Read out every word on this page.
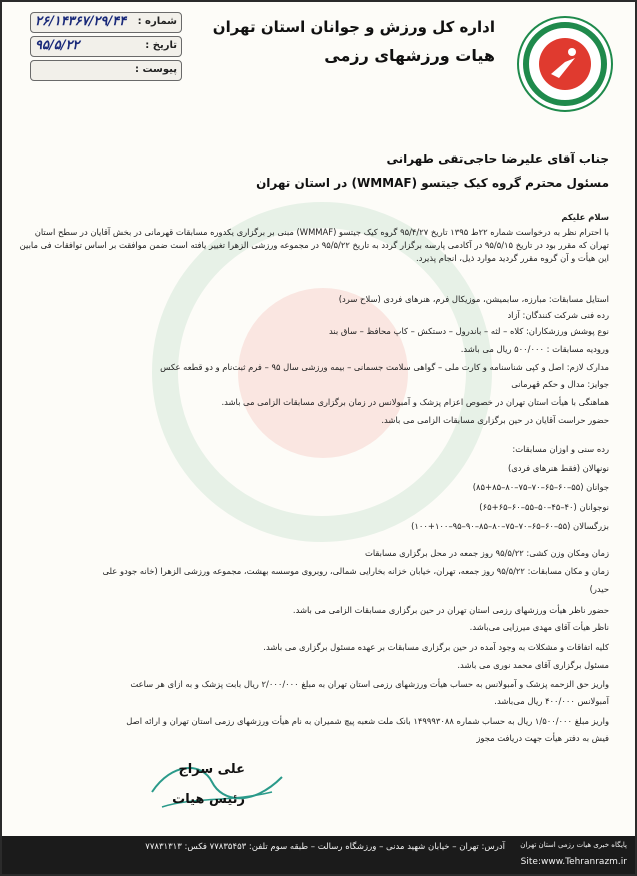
اداره کل ورزش و جوانان استان تهران
هیات ورزشهای رزمی
شماره :
۲۶/۱۴۳۶۷/۲۹/۴۴
تاریخ :
۹۵/۵/۲۲
پیوست :
جناب آقای علیرضا حاجی‌تقی طهرانی
مسئول محترم گروه کیک جیتسو (WMMAF) در استان تهران
سلام علیکم
با احترام نظر به درخواست شماره ۲۲ط ۱۳۹۵ تاریخ ۹۵/۴/۲۷ گروه کیک جیتسو (WMMAF) مبنی بر برگزاری یکدوره مسابقات قهرمانی در بخش آقایان در سطح استان تهران که مقرر بود در تاریخ ۹۵/۵/۱۵ در آکادمی پارسه برگزار گردد به تاریخ ۹۵/۵/۲۲ در مجموعه ورزشی الزهرا تغییر یافته است ضمن موافقت بر اساس توافقات فی مابین این هیأت و آن گروه مقرر گردید موارد ذیل، انجام پذیرد.
استایل مسابقات: مبارزه، سابمیشن، موزیکال فرم، هنرهای فردی (سلاح سرد)
رده فنی شرکت کنندگان: آزاد
نوع پوشش ورزشکاران: کلاه – لثه – باندرول – دستکش – کاپ محافظ – ساق بند
ورودیه مسابقات : ۵۰۰/۰۰۰ ریال می باشد.
مدارک لازم: اصل و کپی شناسنامه و کارت ملی – گواهی سلامت جسمانی – بیمه ورزشی سال ۹۵ – فرم ثبت‌نام و دو قطعه عکس
جوایز: مدال و حکم قهرمانی
هماهنگی با هیأت استان تهران در خصوص اعزام پزشک و آمبولانس در زمان برگزاری مسابقات الزامی می باشد.
حضور حراست آقایان در حین برگزاری مسابقات الزامی می باشد.
رده سنی و اوزان مسابقات:
نونهالان (فقط هنرهای فردی)
جوانان (۵۵–۶۰–۶۵–۷۰–۷۵–۸۰–۸۵+۸۵)
نوجوانان (۴۰–۴۵–۵۰–۵۵–۶۰–۶۵+۶۵)
بزرگسالان (۵۵–۶۰–۶۵–۷۰–۷۵–۸۰–۸۵–۹۰–۹۵–۱۰۰+۱۰۰)
زمان ومکان وزن کشی: ۹۵/۵/۲۲ روز جمعه در محل برگزاری مسابقات
زمان و مکان مسابقات: ۹۵/۵/۲۲ روز جمعه، تهران، خیابان خزانه بخارایی شمالی، روبروی موسسه بهشت، مجموعه ورزشی الزهرا (خانه جودو علی
حیدر)
حضور ناظر هیأت ورزشهای رزمی استان تهران در حین برگزاری مسابقات الزامی می باشد.
ناظر هیأت آقای مهدی میرزایی می‌باشد.
کلیه اتفاقات و مشکلات به وجود آمده در حین برگزاری مسابقات بر عهده مسئول برگزاری می باشد.
مسئول برگزاری آقای محمد نوری می باشد.
واریز حق الزحمه پزشک و آمبولانس به حساب هیأت ورزشهای رزمی استان تهران به مبلغ ۲/۰۰۰/۰۰۰ ریال بابت پزشک و به ازای هر ساعت
آمبولانس ۴۰۰/۰۰۰ ریال می‌باشد.
واریز مبلغ ۱/۵۰۰/۰۰۰ ریال به حساب شماره ۱۴۹۹۹۳۰۸۸ بانک ملت شعبه پیچ شمیران به نام هیأت ورزشهای رزمی استان تهران و ارائه اصل
فیش به دفتر هیأت جهت دریافت مجوز
علی سراج
رئیس هیات
آدرس: تهران – خیابان شهید مدنی – ورزشگاه رسالت – طبقه سوم تلفن: ۷۷۸۳۵۴۵۳ فکس: ۷۷۸۳۱۳۱۳	پایگاه خبری هیات رزمی استان تهران
Site:www.Tehranrazm.ir
